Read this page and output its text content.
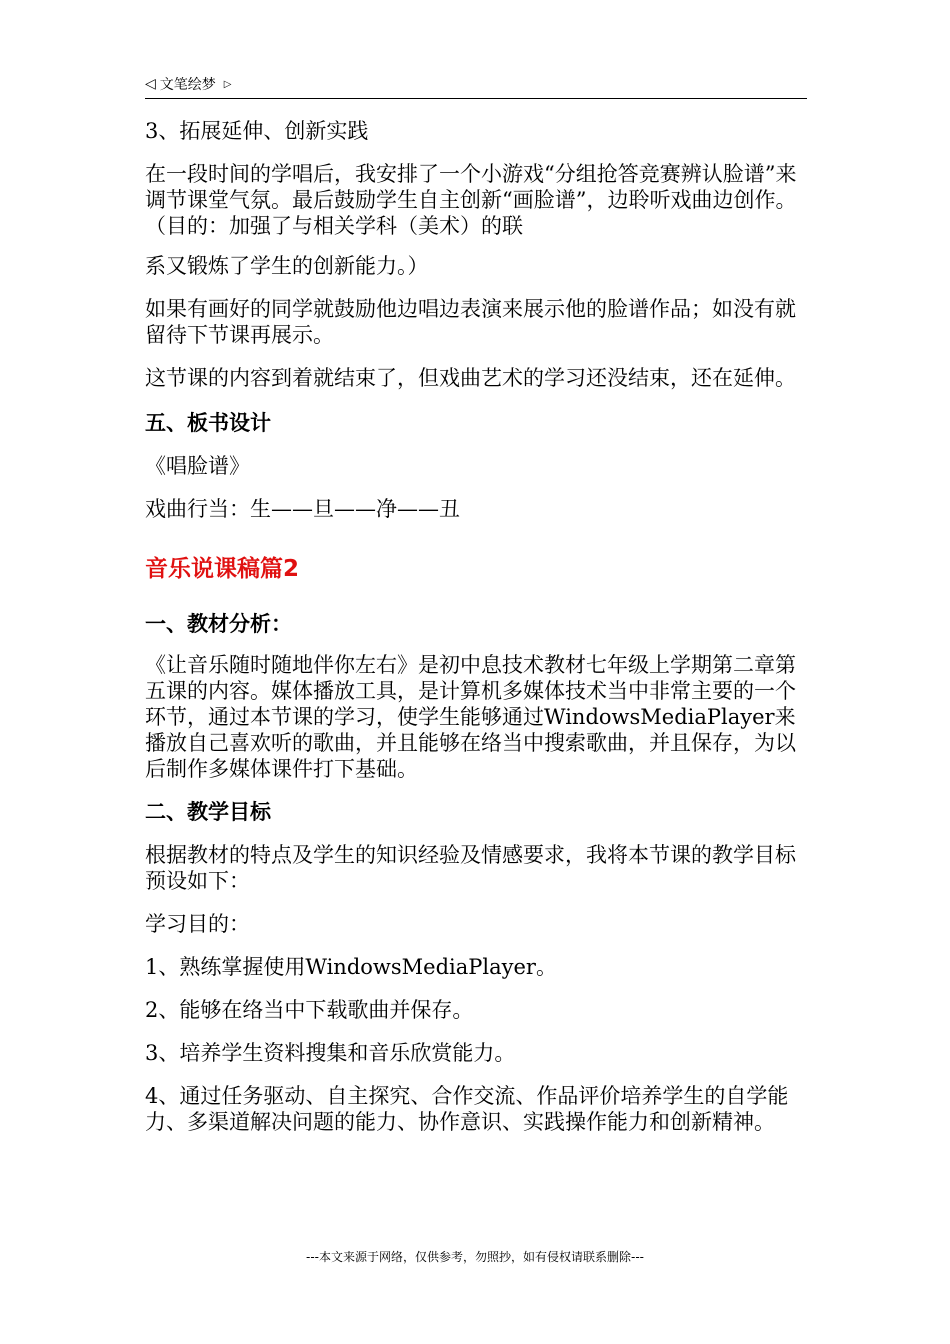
◁ 文笔绘梦 ▷

3、拓展延伸、创新实践

在一段时间的学唱后，我安排了一个小游戏“分组抢答竞赛辨认脸谱”来调节课堂气氛。最后鼓励学生自主创新“画脸谱”，边聆听戏曲边创作。（目的：加强了与相关学科（美术）的联

系又锻炼了学生的创新能力。）

如果有画好的同学就鼓励他边唱边表演来展示他的脸谱作品；如没有就留待下节课再展示。

这节课的内容到着就结束了，但戏曲艺术的学习还没结束，还在延伸。

五、板书设计

《唱脸谱》

戏曲行当：生——旦——净——丑

音乐说课稿篇2
一、教材分析：

《让音乐随时随地伴你左右》是初中息技术教材七年级上学期第二章第五课的内容。媒体播放工具，是计算机多媒体技术当中非常主要的一个环节，通过本节课的学习，使学生能够通过WindowsMediaPlayer来播放自己喜欢听的歌曲，并且能够在络当中搜索歌曲，并且保存，为以后制作多媒体课件打下基础。

二、教学目标

根据教材的特点及学生的知识经验及情感要求，我将本节课的教学目标预设如下：

学习目的：

1、熟练掌握使用WindowsMediaPlayer。

2、能够在络当中下载歌曲并保存。

3、培养学生资料搜集和音乐欣赏能力。

4、通过任务驱动、自主探究、合作交流、作品评价培养学生的自学能力、多渠道解决问题的能力、协作意识、实践操作能力和创新精神。

---本文来源于网络，仅供参考，勿照抄，如有侵权请联系删除---
